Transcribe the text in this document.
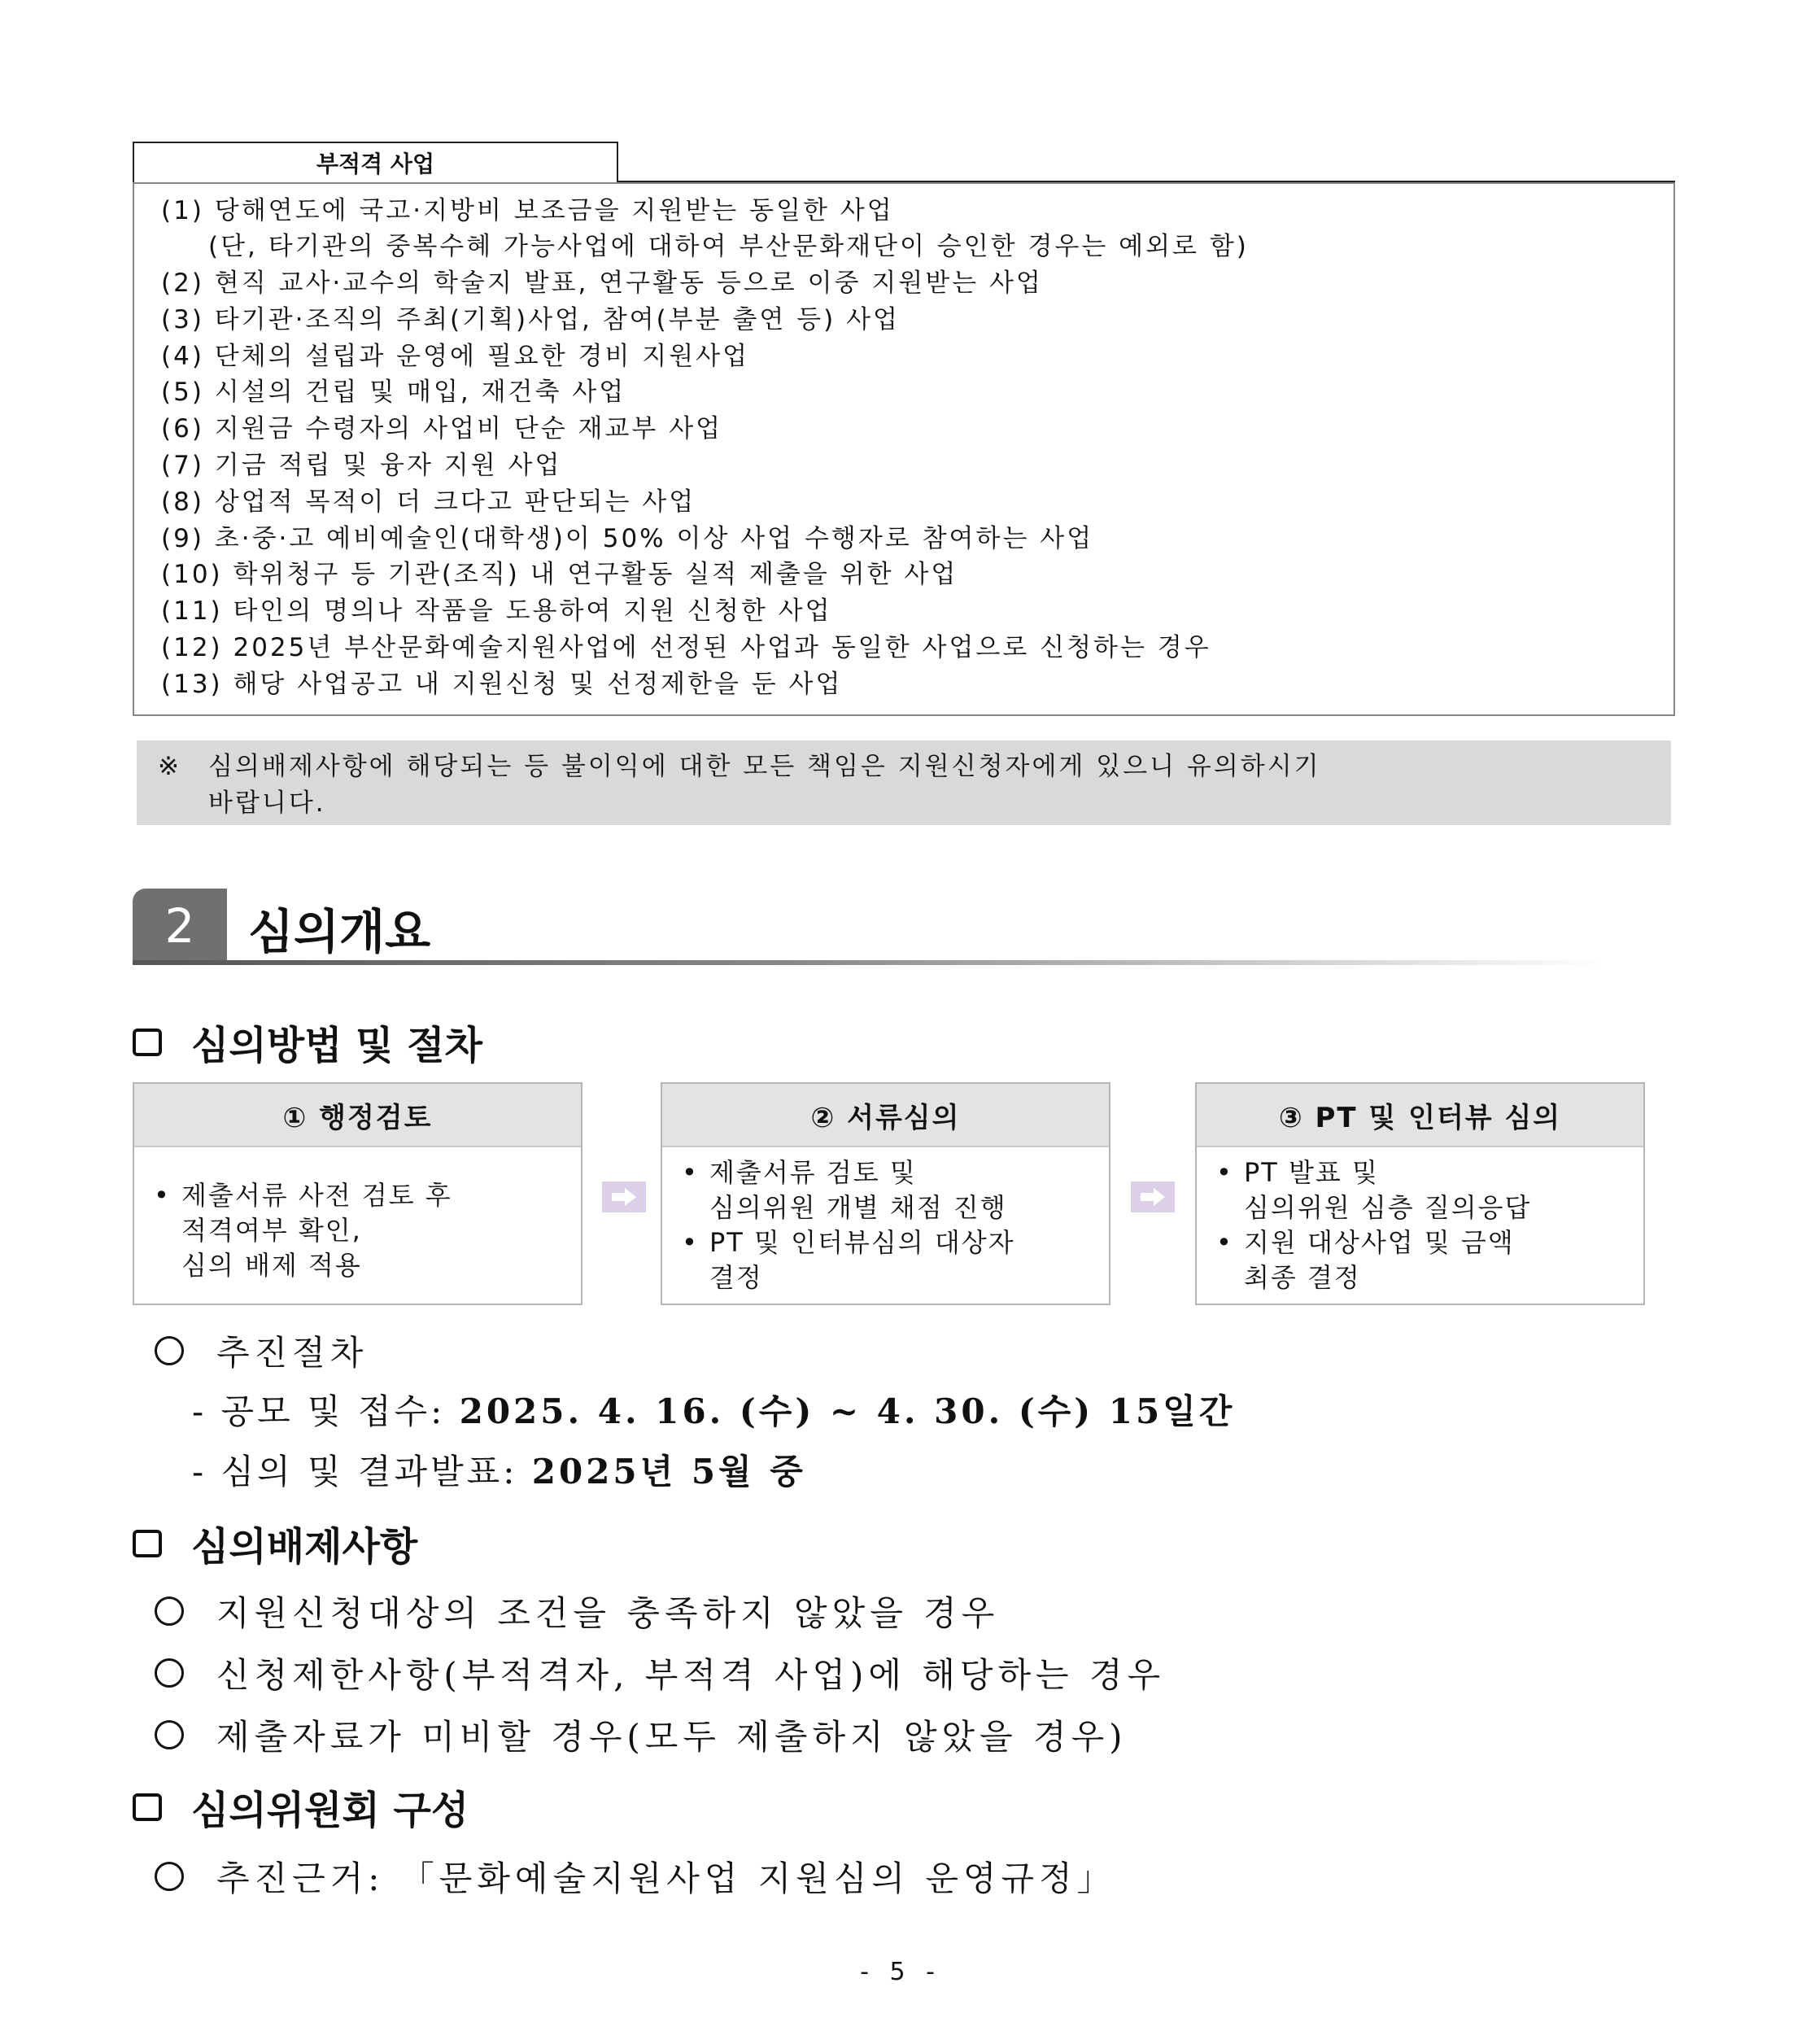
부적격 사업
(1) 당해연도에 국고·지방비 보조금을 지원받는 동일한 사업
(단, 타기관의 중복수혜 가능사업에 대하여 부산문화재단이 승인한 경우는 예외로 함)
(2) 현직 교사·교수의 학술지 발표, 연구활동 등으로 이중 지원받는 사업
(3) 타기관·조직의 주최(기획)사업, 참여(부분 출연 등) 사업
(4) 단체의 설립과 운영에 필요한 경비 지원사업
(5) 시설의 건립 및 매입, 재건축 사업
(6) 지원금 수령자의 사업비 단순 재교부 사업
(7) 기금 적립 및 융자 지원 사업
(8) 상업적 목적이 더 크다고 판단되는 사업
(9) 초·중·고 예비예술인(대학생)이 50% 이상 사업 수행자로 참여하는 사업
(10) 학위청구 등 기관(조직) 내 연구활동 실적 제출을 위한 사업
(11) 타인의 명의나 작품을 도용하여 지원 신청한 사업
(12) 2025년 부산문화예술지원사업에 선정된 사업과 동일한 사업으로 신청하는 경우
(13) 해당 사업공고 내 지원신청 및 선정제한을 둔 사업
※	심의배제사항에 해당되는 등 불이익에 대한 모든 책임은 지원신청자에게 있으니 유의하시기
바랍니다.
2	심의개요
심의방법 및 절차
① 행정검토
• 제출서류 사전 검토 후
적격여부 확인,
심의 배제 적용
② 서류심의
• 제출서류 검토 및
심의위원 개별 채점 진행
• PT 및 인터뷰심의 대상자
결정
③ PT 및 인터뷰 심의
• PT 발표 및
심의위원 심층 질의응답
• 지원 대상사업 및 금액
최종 결정
추진절차
- 공모 및 접수: 2025. 4. 16. (수) ~ 4. 30. (수) 15일간
- 심의 및 결과발표: 2025년 5월 중
심의배제사항
지원신청대상의 조건을 충족하지 않았을 경우
신청제한사항(부적격자, 부적격 사업)에 해당하는 경우
제출자료가 미비할 경우(모두 제출하지 않았을 경우)
심의위원회 구성
추진근거: 「문화예술지원사업 지원심의 운영규정」
- 5 -
